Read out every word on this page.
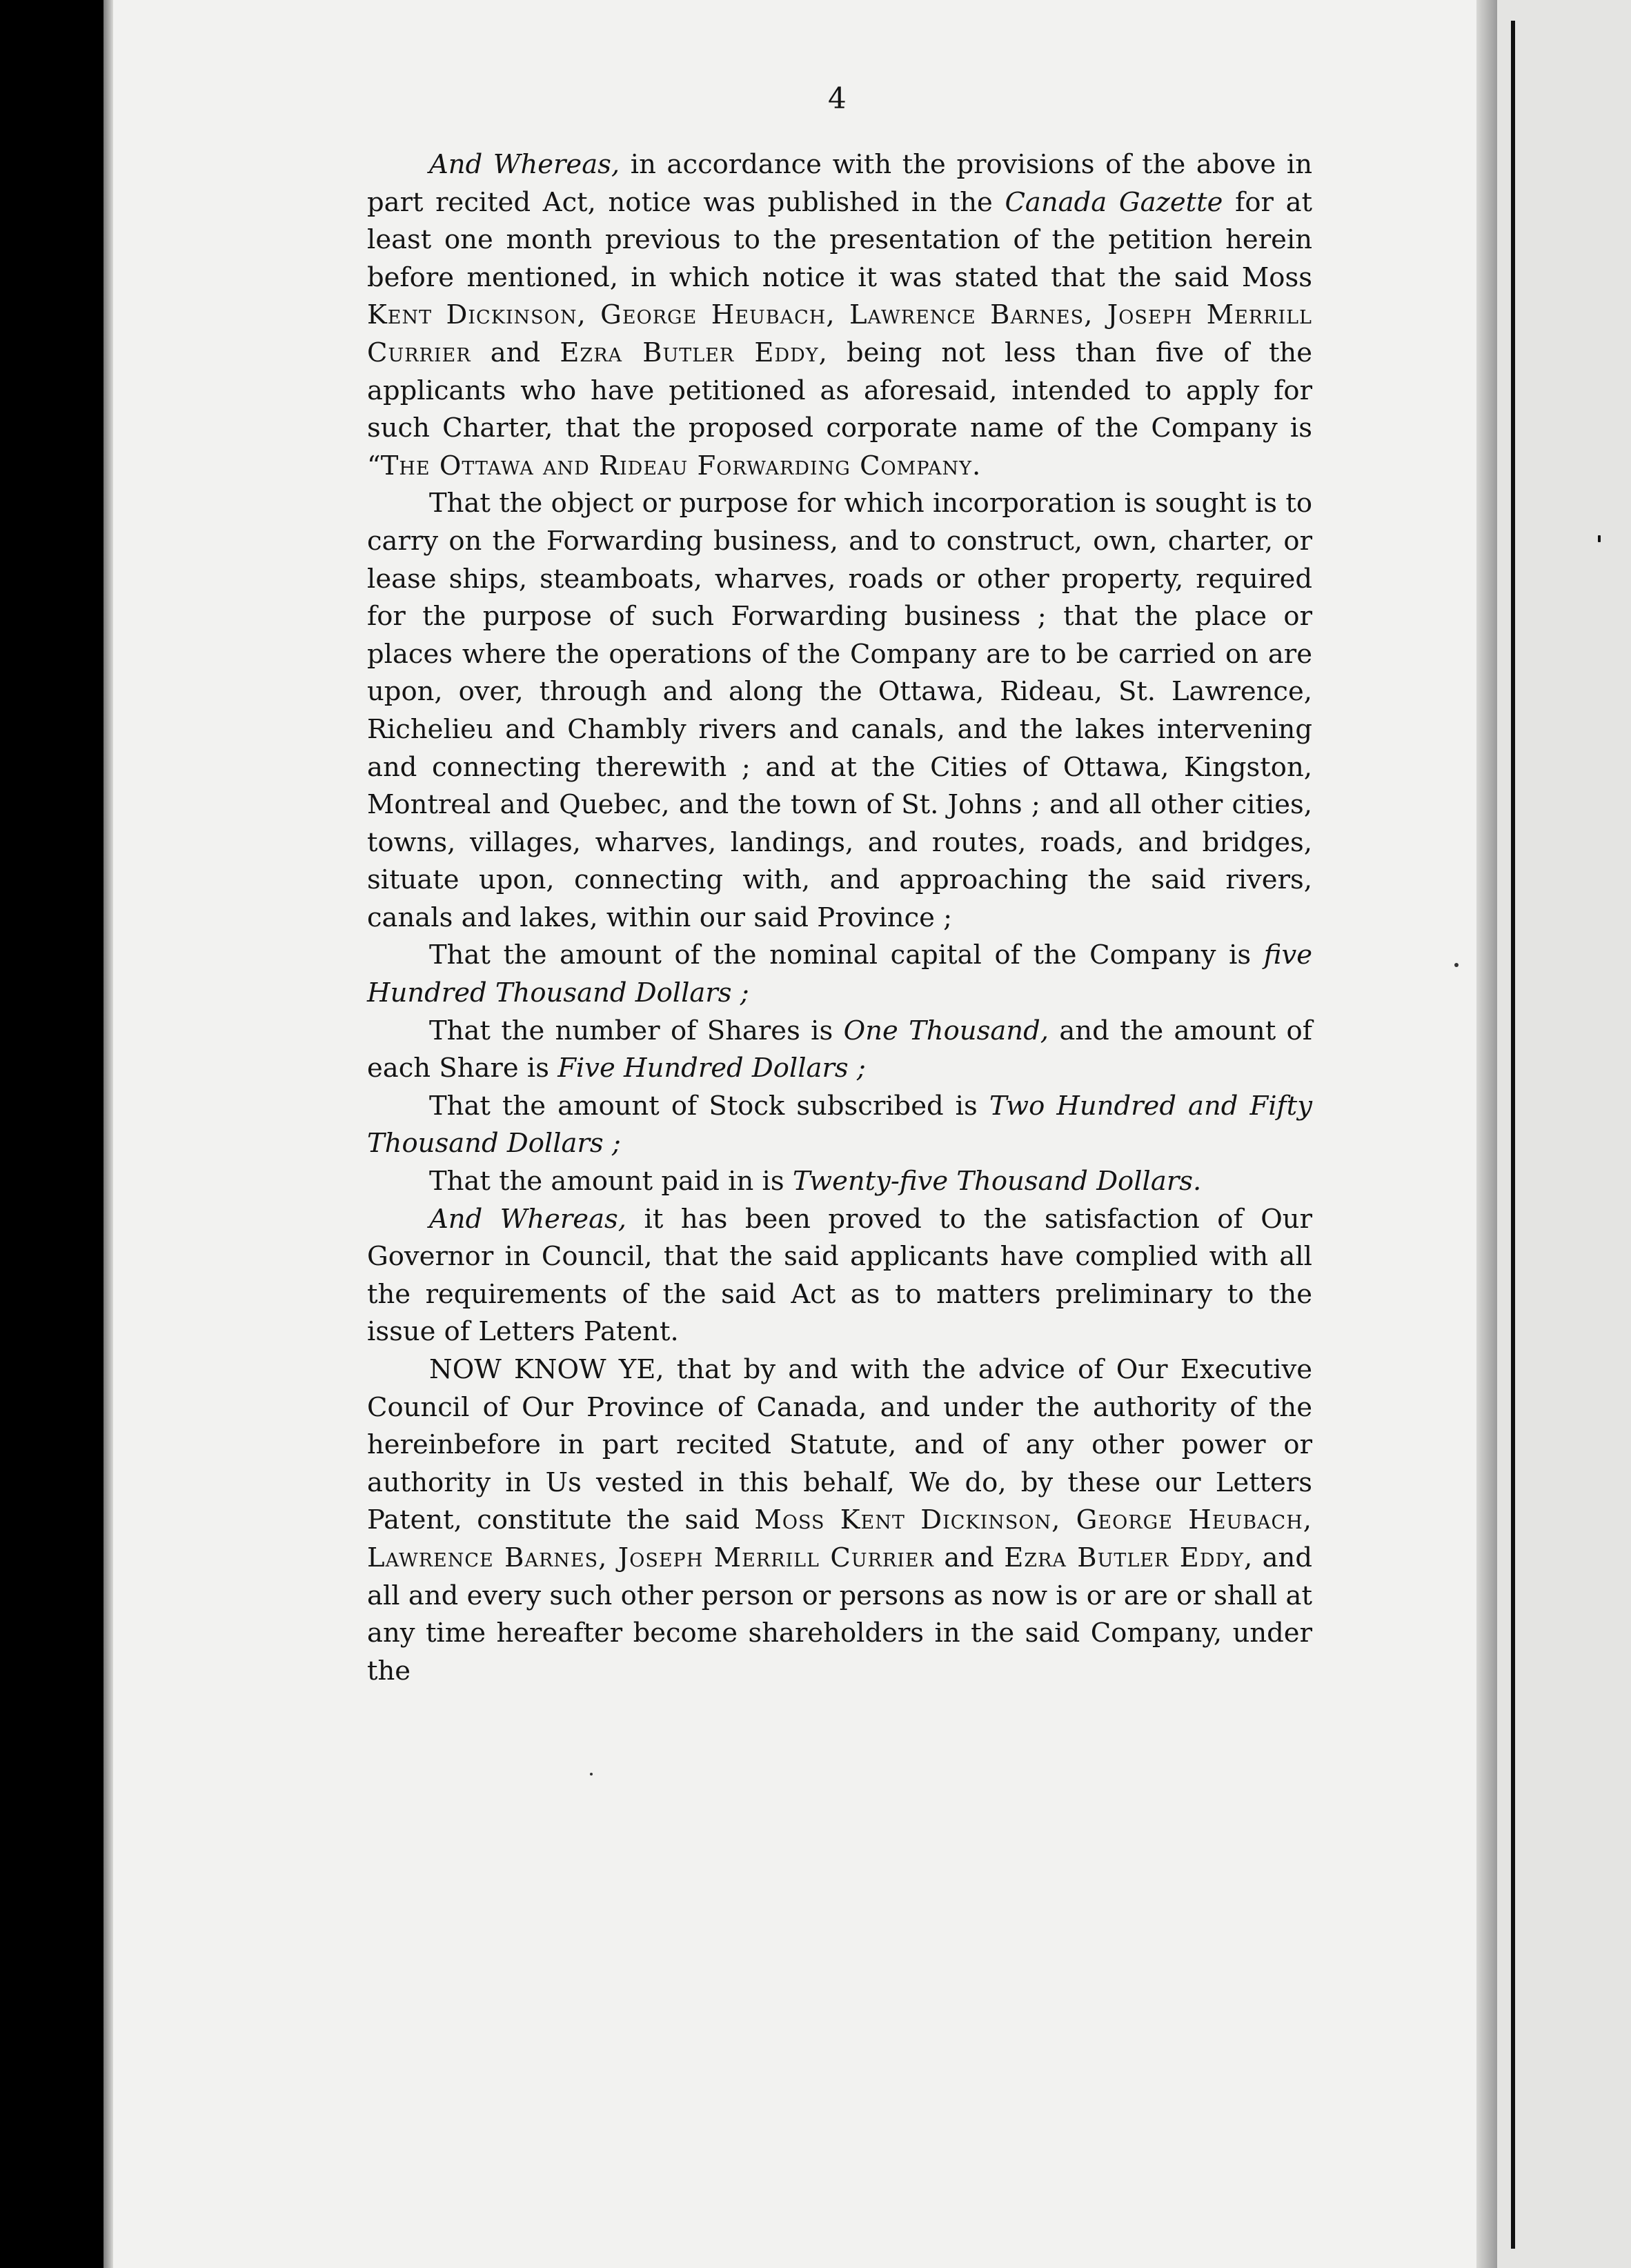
4

And Whereas, in accordance with the provisions of the above in part recited Act, notice was published in the Canada Gazette for at least one month previous to the presentation of the petition herein before mentioned, in which notice it was stated that the said Moss Kent Dickinson, George Heubach, Lawrence Barnes, Joseph Merrill Currier and Ezra Butler Eddy, being not less than five of the applicants who have petitioned as aforesaid, intended to apply for such Charter, that the proposed corporate name of the Company is “The Ottawa and Rideau Forwarding Company.

That the object or purpose for which incorporation is sought is to carry on the Forwarding business, and to construct, own, charter, or lease ships, steamboats, wharves, roads or other property, required for the purpose of such Forwarding business ; that the place or places where the operations of the Company are to be carried on are upon, over, through and along the Ottawa, Rideau, St. Lawrence, Richelieu and Chambly rivers and canals, and the lakes intervening and connecting therewith ; and at the Cities of Ottawa, Kingston, Montreal and Quebec, and the town of St. Johns ; and all other cities, towns, villages, wharves, landings, and routes, roads, and bridges, situate upon, connecting with, and approaching the said rivers, canals and lakes, within our said Province ;

That the amount of the nominal capital of the Company is five Hundred Thousand Dollars ;

That the number of Shares is One Thousand, and the amount of each Share is Five Hundred Dollars ;

That the amount of Stock subscribed is Two Hundred and Fifty Thousand Dollars ;

That the amount paid in is Twenty-five Thousand Dollars.

And Whereas, it has been proved to the satisfaction of Our Governor in Council, that the said applicants have complied with all the requirements of the said Act as to matters preliminary to the issue of Letters Patent.

NOW KNOW YE, that by and with the advice of Our Executive Council of Our Province of Canada, and under the authority of the hereinbefore in part recited Statute, and of any other power or authority in Us vested in this behalf, We do, by these our Letters Patent, constitute the said Moss Kent Dickinson, George Heubach, Lawrence Barnes, Joseph Merrill Currier and Ezra Butler Eddy, and all and every such other person or persons as now is or are or shall at any time hereafter become shareholders in the said Company, under the
